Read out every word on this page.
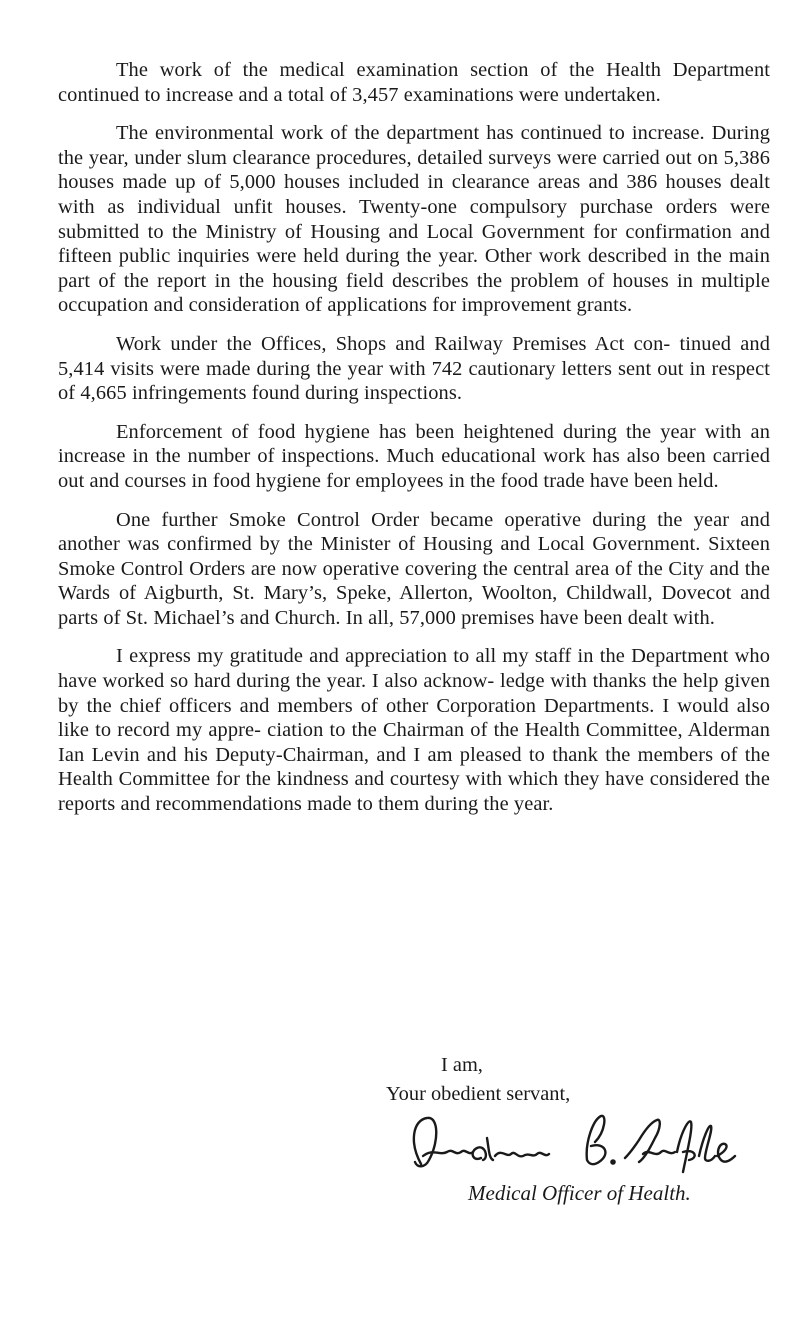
The work of the medical examination section of the Health Department continued to increase and a total of 3,457 examinations were undertaken.

The environmental work of the department has continued to increase. During the year, under slum clearance procedures, detailed surveys were carried out on 5,386 houses made up of 5,000 houses included in clearance areas and 386 houses dealt with as individual unfit houses. Twenty-one compulsory purchase orders were submitted to the Ministry of Housing and Local Government for confirmation and fifteen public inquiries were held during the year. Other work described in the main part of the report in the housing field describes the problem of houses in multiple occupation and consideration of applications for improvement grants.

Work under the Offices, Shops and Railway Premises Act con- tinued and 5,414 visits were made during the year with 742 cautionary letters sent out in respect of 4,665 infringements found during inspections.

Enforcement of food hygiene has been heightened during the year with an increase in the number of inspections. Much educational work has also been carried out and courses in food hygiene for employees in the food trade have been held.

One further Smoke Control Order became operative during the year and another was confirmed by the Minister of Housing and Local Government. Sixteen Smoke Control Orders are now operative covering the central area of the City and the Wards of Aigburth, St. Mary’s, Speke, Allerton, Woolton, Childwall, Dovecot and parts of St. Michael’s and Church. In all, 57,000 premises have been dealt with.

I express my gratitude and appreciation to all my staff in the Department who have worked so hard during the year. I also acknow- ledge with thanks the help given by the chief officers and members of other Corporation Departments. I would also like to record my appre- ciation to the Chairman of the Health Committee, Alderman Ian Levin and his Deputy-Chairman, and I am pleased to thank the members of the Health Committee for the kindness and courtesy with which they have considered the reports and recommendations made to them during the year.

I am,
Your obedient servant,
Medical Officer of Health.
